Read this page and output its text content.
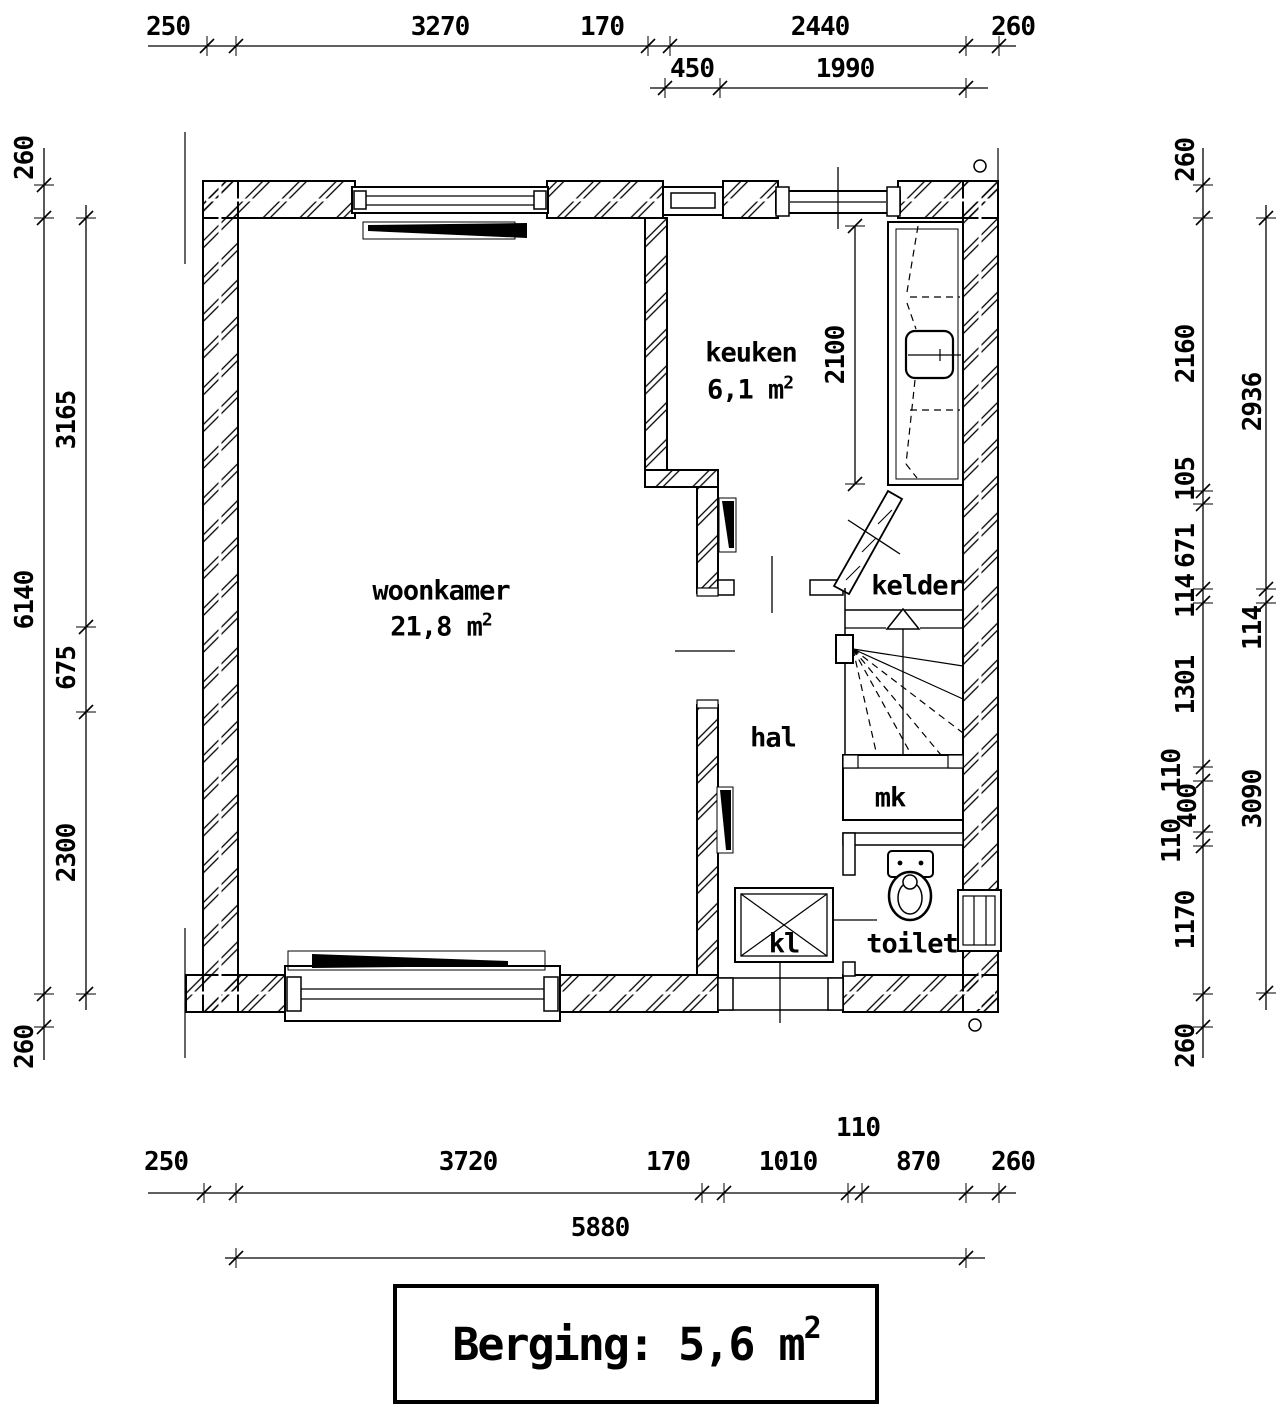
250	3270	170	2440	260
450	1990
260
6140
260
3165
675
2300
260
2160
105
671
114
1301
110
400
110
1170
260
2936
114
3090
250	3720	170	1010
110
870 260
5880
2100
woonkamer
21,8 $m^2$
keuken
6,1 $m^2$
hal
kelder
mk
kl toilet
Berging: 5,6 m 2
